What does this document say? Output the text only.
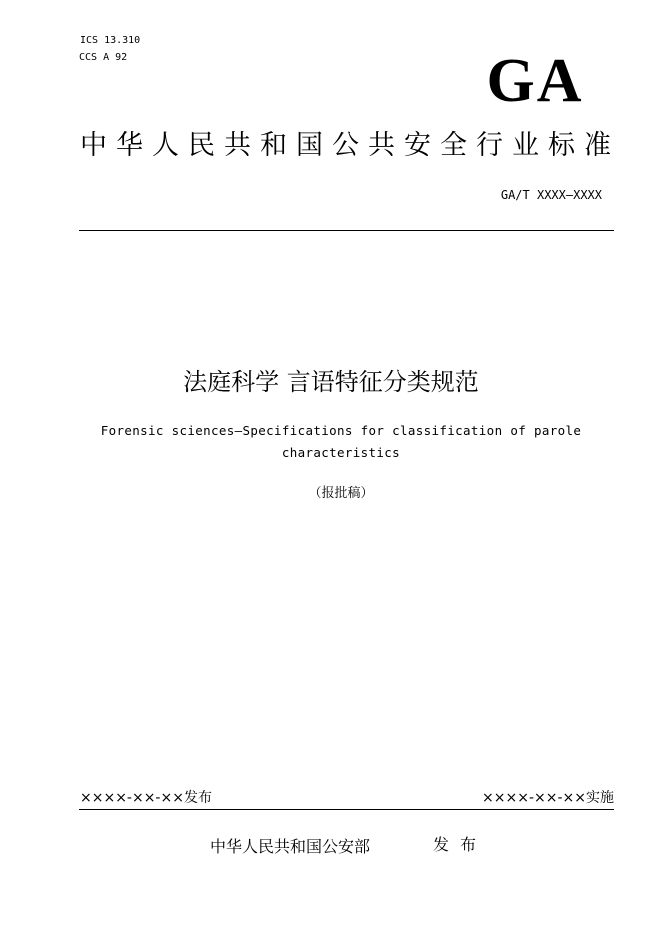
ICS 13.310
CCS A 92	GA
中华人民共和国公共安全行业标准
GA/T XXXX—XXXX
法庭科学 言语特征分类规范
Forensic sciences—Specifications for classification of parole characteristics
（报批稿）
××××-××-××发布	××××-××-××实施
中华人民共和国公安部	发布
